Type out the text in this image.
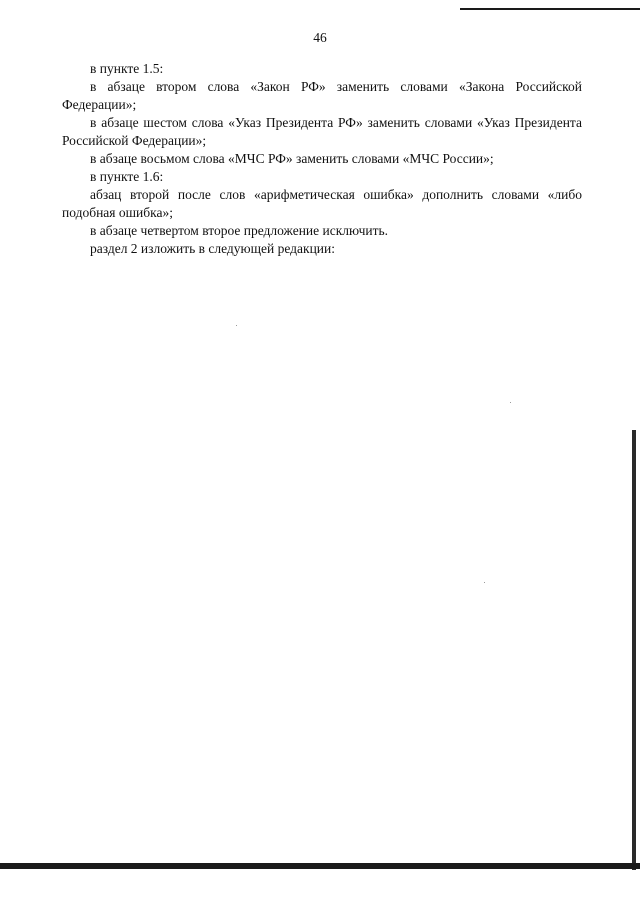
46

в пункте 1.5:

в абзаце втором слова «Закон РФ» заменить словами «Закона Российской Федерации»;

в абзаце шестом слова «Указ Президента РФ» заменить словами «Указ Президента Российской Федерации»;

в абзаце восьмом слова «МЧС РФ» заменить словами «МЧС России»;

в пункте 1.6:

абзац второй после слов «арифметическая ошибка» дополнить словами «либо подобная ошибка»;

в абзаце четвертом второе предложение исключить.

раздел 2 изложить в следующей редакции:
